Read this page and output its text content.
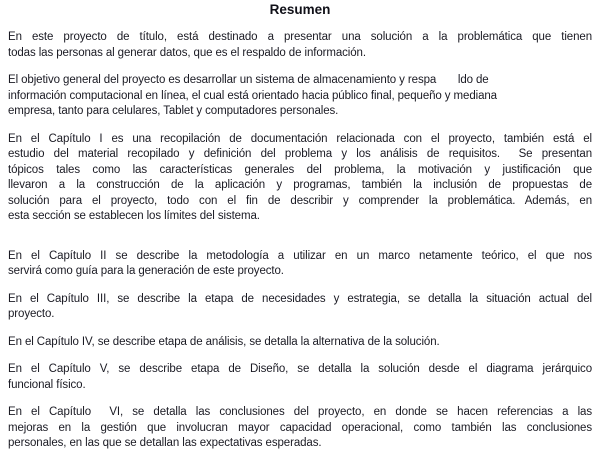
Resumen
En este proyecto de título, está destinado a presentar una solución a la problemática que tienen
todas las personas al generar datos, que es el respaldo de información.
El objetivo general del proyecto es desarrollar un sistema de almacenamiento y respa       ldo de
información computacional en línea, el cual está orientado hacia público final, pequeño y mediana
empresa, tanto para celulares, Tablet y computadores personales.
En el Capítulo I es una recopilación de documentación relacionada con el proyecto, también está el
estudio del material recopilado y definición del problema y los análisis de requisitos.  Se presentan
tópicos tales como las características generales del problema, la motivación y justificación que
llevaron a la construcción de la aplicación y programas, también la inclusión de propuestas de
solución para el proyecto, todo con el fin de describir y comprender la problemática. Además, en
esta sección se establecen los límites del sistema.
En el Capítulo II se describe la metodología a utilizar en un marco netamente teórico, el que nos
servirá como guía para la generación de este proyecto.
En el Capítulo III, se describe la etapa de necesidades y estrategia, se detalla la situación actual del
proyecto.
En el Capítulo IV, se describe etapa de análisis, se detalla la alternativa de la solución.
En el Capítulo V, se describe etapa de Diseño, se detalla la solución desde el diagrama jerárquico
funcional físico.
En el Capítulo  VI, se detalla las conclusiones del proyecto, en donde se hacen referencias a las
mejoras en la gestión que involucran mayor capacidad operacional, como también las conclusiones
personales, en las que se detallan las expectativas esperadas.
